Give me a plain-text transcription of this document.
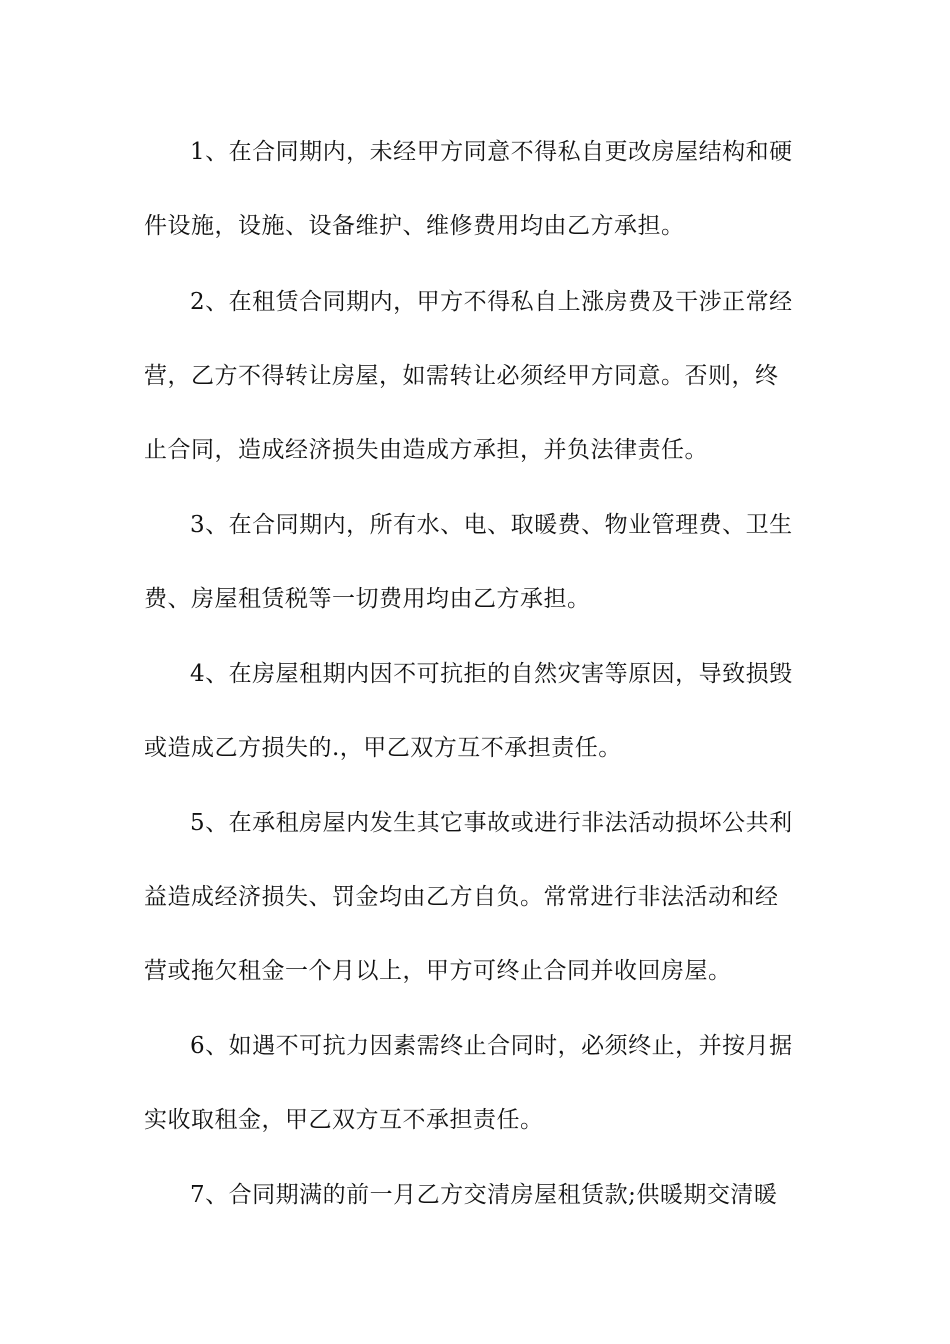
1、在合同期内，未经甲方同意不得私自更改房屋结构和硬
件设施，设施、设备维护、维修费用均由乙方承担。
2、在租赁合同期内，甲方不得私自上涨房费及干涉正常经
营，乙方不得转让房屋，如需转让必须经甲方同意。否则，终
止合同，造成经济损失由造成方承担，并负法律责任。
3、在合同期内，所有水、电、取暖费、物业管理费、卫生
费、房屋租赁税等一切费用均由乙方承担。
4、在房屋租期内因不可抗拒的自然灾害等原因，导致损毁
或造成乙方损失的.，甲乙双方互不承担责任。
5、在承租房屋内发生其它事故或进行非法活动损坏公共利
益造成经济损失、罚金均由乙方自负。常常进行非法活动和经
营或拖欠租金一个月以上，甲方可终止合同并收回房屋。
6、如遇不可抗力因素需终止合同时，必须终止，并按月据
实收取租金，甲乙双方互不承担责任。
7、合同期满的前一月乙方交清房屋租赁款;供暖期交清暖
